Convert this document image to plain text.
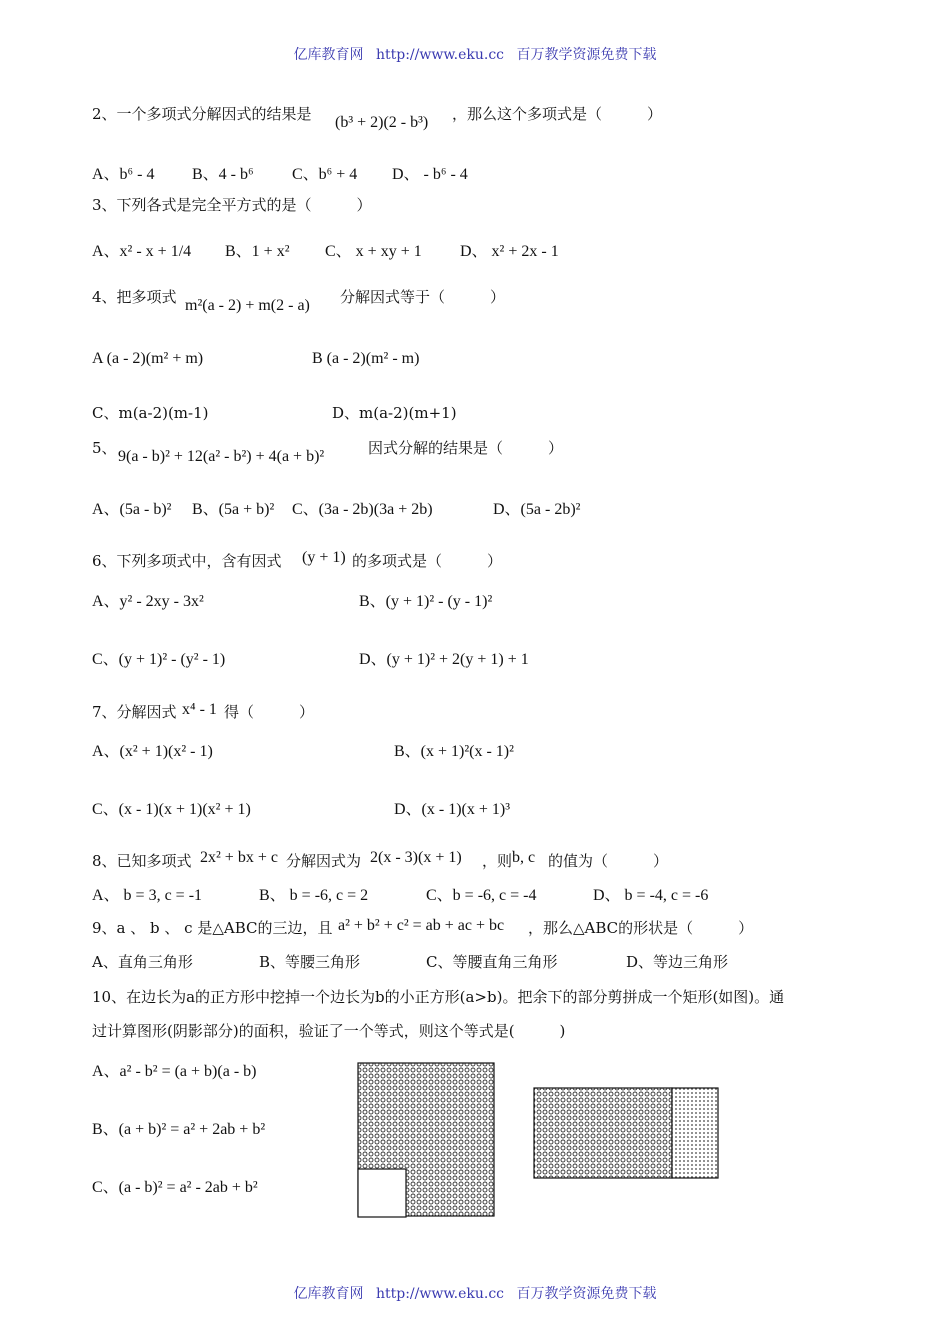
亿库教育网 http://www.eku.cc 百万教学资源免费下载
2、一个多项式分解因式的结果是 (b³ + 2)(2 - b³) ，那么这个多项式是（　　　）
A、b⁶ - 4 B、4 - b⁶ C、b⁶ + 4 D、 - b⁶ - 4
3、下列各式是完全平方式的是（　　　）
A、x² - x + 1/4 B、1 + x² C、 x + xy + 1 D、 x² + 2x - 1
4、把多项式 m²(a - 2) + m(2 - a) 分解因式等于（　　　）
A (a - 2)(m² + m)	B (a - 2)(m² - m)
C、m(a-2)(m-1)	D、m(a-2)(m+1)
5、 9(a - b)² + 12(a² - b²) + 4(a + b)²	因式分解的结果是（　　　）
A、(5a - b)² B、(5a + b)² C、(3a - 2b)(3a + 2b)	D、(5a - 2b)²
6、下列多项式中，含有因式 (y + 1) 的多项式是（　　　）
A、y² - 2xy - 3x²	B、(y + 1)² - (y - 1)²
C、(y + 1)² - (y² - 1)	D、(y + 1)² + 2(y + 1) + 1
7、分解因式 x⁴ - 1 得（　　　）
A、(x² + 1)(x² - 1)	B、(x + 1)²(x - 1)²
C、(x - 1)(x + 1)(x² + 1)	D、(x - 1)(x + 1)³
8、已知多项式 2x² + bx + c 分解因式为 2(x - 3)(x + 1) ，则 b, c 的值为（　　　）
A、 b = 3, c = -1	B、 b = -6, c = 2	C、b = -6, c = -4	D、 b = -4, c = -6
9、a 、 b 、 c 是△ABC的三边，且 a² + b² + c² = ab + ac + bc ，那么△ABC的形状是（　　　）
A、直角三角形	B、等腰三角形	C、等腰直角三角形	D、等边三角形
10、在边长为a的正方形中挖掉一个边长为b的小正方形(a>b)。把余下的部分剪拼成一个矩形(如图)。通
过计算图形(阴影部分)的面积，验证了一个等式，则这个等式是(　　　)
A、a² - b² = (a + b)(a - b)
B、(a + b)² = a² + 2ab + b²
C、(a - b)² = a² - 2ab + b²
亿库教育网 http://www.eku.cc 百万教学资源免费下载
